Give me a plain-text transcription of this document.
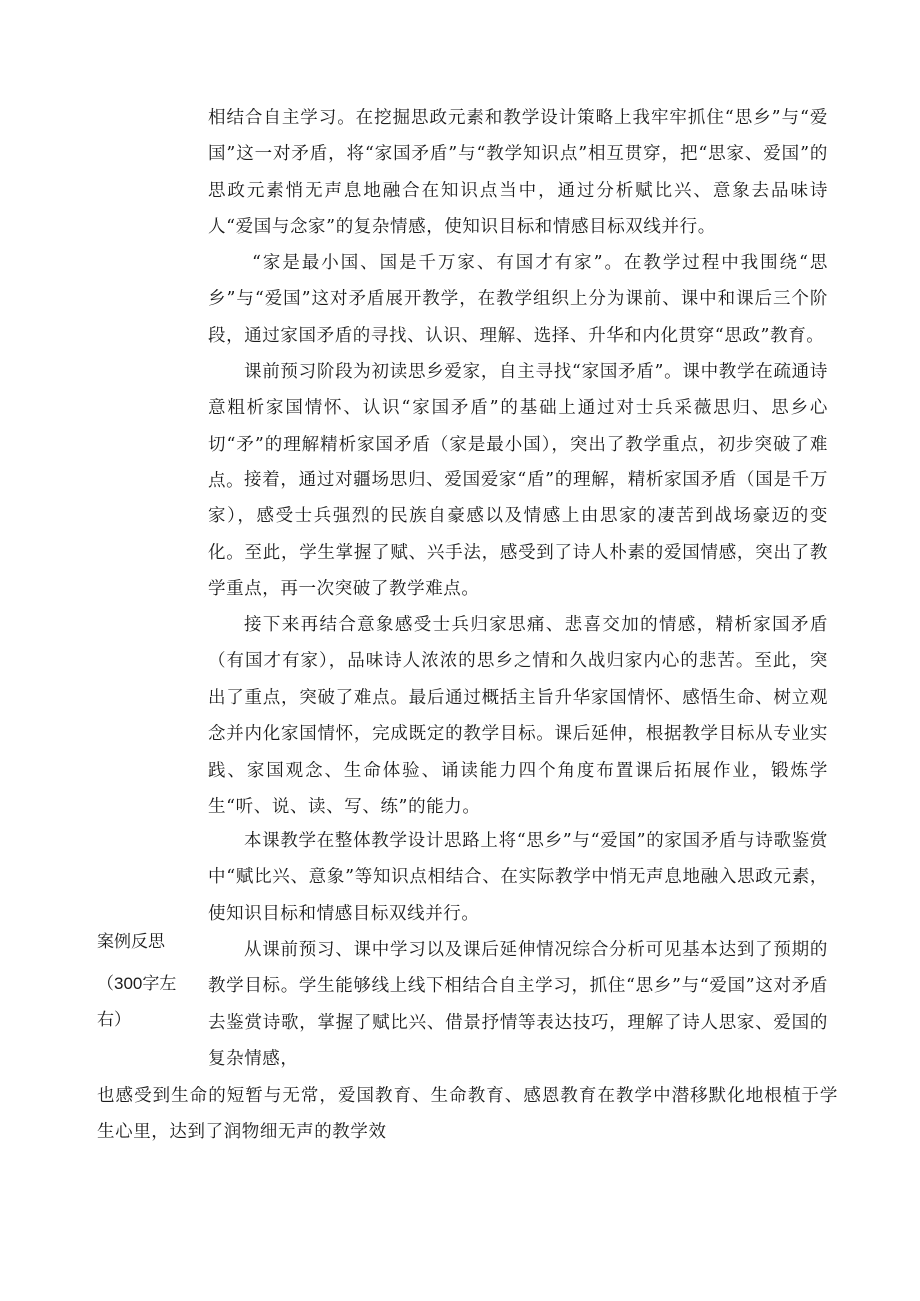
相结合自主学习。在挖掘思政元素和教学设计策略上我牢牢抓住“思乡”与“爱国”这一对矛盾，将“家国矛盾”与“教学知识点”相互贯穿，把“思家、爱国”的思政元素悄无声息地融合在知识点当中，通过分析赋比兴、意象去品味诗人“爱国与念家”的复杂情感，使知识目标和情感目标双线并行。

“家是最小国、国是千万家、有国才有家”。在教学过程中我围绕“思乡”与“爱国”这对矛盾展开教学，在教学组织上分为课前、课中和课后三个阶段，通过家国矛盾的寻找、认识、理解、选择、升华和内化贯穿“思政”教育。

课前预习阶段为初读思乡爱家，自主寻找“家国矛盾”。课中教学在疏通诗意粗析家国情怀、认识“家国矛盾”的基础上通过对士兵采薇思归、思乡心切“矛”的理解精析家国矛盾（家是最小国），突出了教学重点，初步突破了难点。 接着，通过对疆场思归、爱国爱家“盾”的理解，精析家国矛盾（国是千万家），感受士兵强烈的民族自豪感以及情感上由思家的凄苦到战场豪迈的变化。至此，学生掌握了赋、兴手法，感受到了诗人朴素的爱国情感，突出了教学重点，再一次突破了教学难点。

接下来再结合意象感受士兵归家思痛、悲喜交加的情感，精析家国矛盾（有国才有家），品味诗人浓浓的思乡之情和久战归家内心的悲苦。至此，突出了重点，突破了难点。最后通过概括主旨升华家国情怀、感悟生命、树立观念并内化家国情怀，完成既定的教学目标。课后延伸，根据教学目标从专业实践、家国观念、生命体验、诵读能力四个角度布置课后拓展作业，锻炼学生“听、说、读、写、练”的能力。

本课教学在整体教学设计思路上将“思乡”与“爱国”的家国矛盾与诗歌鉴赏中“赋比兴、意象”等知识点相结合、在实际教学中悄无声息地融入思政元素，使知识目标和情感目标双线并行。

案例反思
（300字左
右）

从课前预习、课中学习以及课后延伸情况综合分析可见基本达到了预期的教学目标。学生能够线上线下相结合自主学习，抓住“思乡”与“爱国”这对矛盾去鉴赏诗歌，掌握了赋比兴、借景抒情等表达技巧，理解了诗人思家、爱国的复杂情感，

也感受到生命的短暂与无常，爱国教育、生命教育、感恩教育在教学中潜移默化地根植于学生心里，达到了润物细无声的教学效
